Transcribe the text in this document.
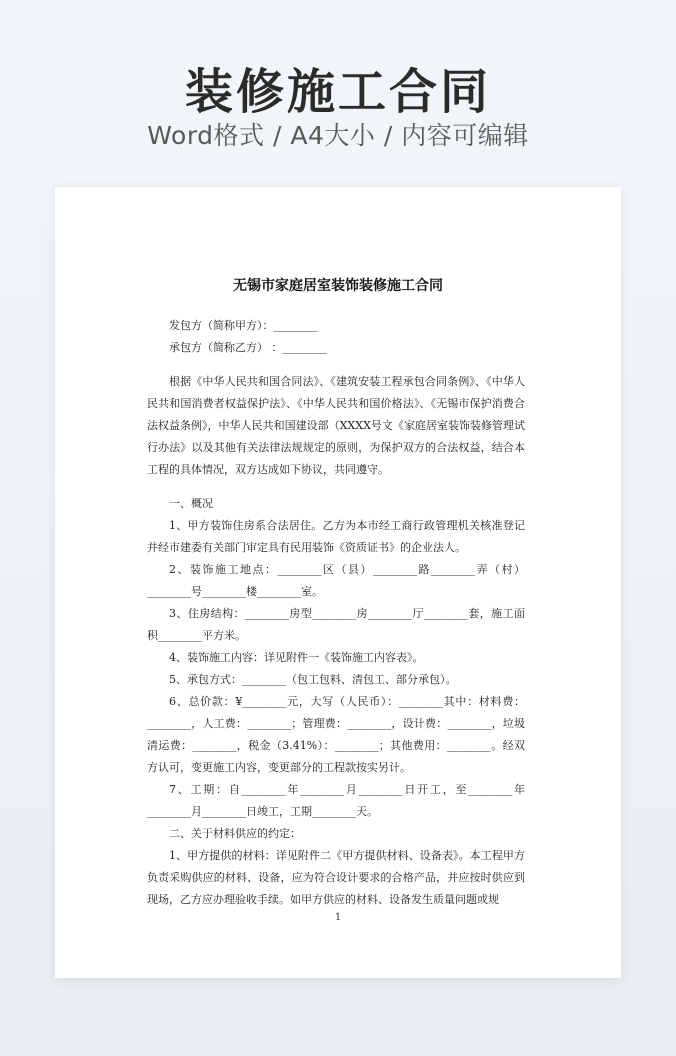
装修施工合同
Word格式 / A4大小 / 内容可编辑
无锡市家庭居室装饰装修施工合同
发包方（简称甲方）：________
承包方（简称乙方） ：________

根据《中华人民共和国合同法》、《建筑安装工程承包合同条例》、《中华人民共和国消费者权益保护法》、《中华人民共和国价格法》、《无锡市保护消费合法权益条例》，中华人民共和国建设部（XXXX号文《家庭居室装饰装修管理试行办法》以及其他有关法律法规规定的原则，为保护双方的合法权益，结合本工程的具体情况，双方达成如下协议，共同遵守。

一、概况

1、甲方装饰住房系合法居住。乙方为本市经工商行政管理机关核准登记并经市建委有关部门审定具有民用装饰《资质证书》的企业法人。

2、装饰施工地点：________区（县）________路________弄（村）________号________楼________室。

3、住房结构：________房型________房________厅________套，施工面积________平方米。

4、装饰施工内容：详见附件一《装饰施工内容表》。

5、承包方式：________（包工包料、清包工、部分承包）。

6、总价款：¥________元，大写（人民币）：________其中：材料费：________，人工费：________；管理费：________，设计费：________，垃圾清运费：________，税金（3.41%）：________；其他费用：________。经双方认可，变更施工内容，变更部分的工程款按实另计。

7、工期：自________年________月________日开工，至________年________月________日竣工，工期________天。

二、关于材料供应的约定：

1、甲方提供的材料：详见附件二《甲方提供材料、设备表》。本工程甲方负责采购供应的材料、设备，应为符合设计要求的合格产品，并应按时供应到现场，乙方应办理验收手续。如甲方供应的材料、设备发生质量问题或规

1
